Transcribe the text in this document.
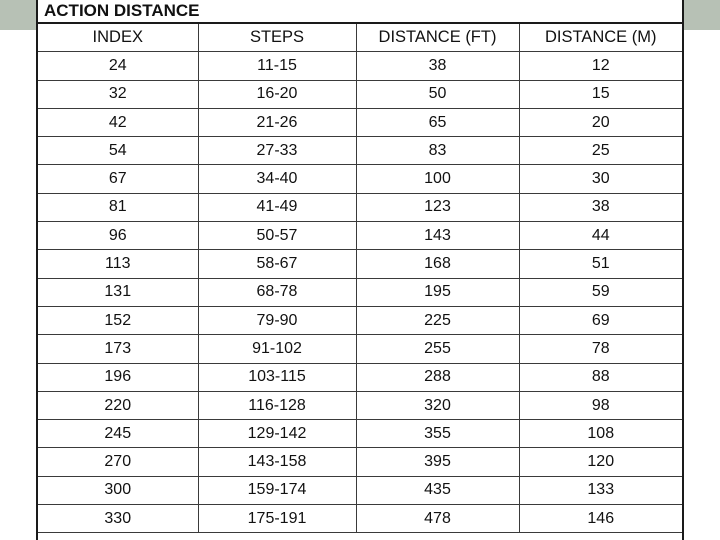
ACTION DISTANCE
INDEX	STEPS	DISTANCE (FT)	DISTANCE (M)
24	11-15	38	12
32	16-20	50	15
42	21-26	65	20
54	27-33	83	25
67	34-40	100	30
81	41-49	123	38
96	50-57	143	44
113	58-67	168	51
131	68-78	195	59
152	79-90	225	69
173	91-102	255	78
196	103-115	288	88
220	116-128	320	98
245	129-142	355	108
270	143-158	395	120
300	159-174	435	133
330	175-191	478	146
